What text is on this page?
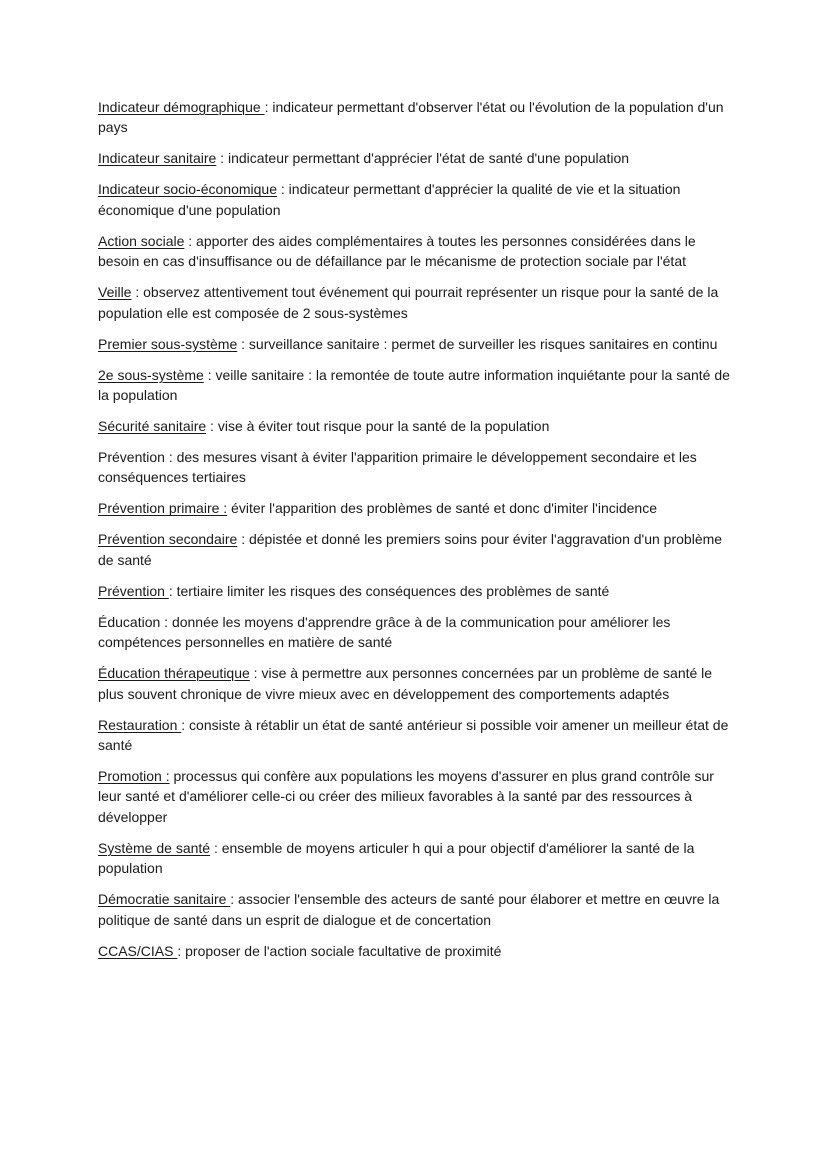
Indicateur démographique : indicateur permettant d'observer l'état ou l'évolution de la population d'un pays
Indicateur sanitaire : indicateur permettant d'apprécier l'état de santé d'une population
Indicateur socio-économique : indicateur permettant d'apprécier la qualité de vie et la situation économique d'une population
Action sociale : apporter des aides complémentaires à toutes les personnes considérées dans le besoin en cas d'insuffisance ou de défaillance par le mécanisme de protection sociale par l'état
Veille : observez attentivement tout événement qui pourrait représenter un risque pour la santé de la population elle est composée de 2 sous-systèmes
Premier sous-système : surveillance sanitaire : permet de surveiller les risques sanitaires en continu
2e sous-système : veille sanitaire : la remontée de toute autre information inquiétante pour la santé de la population
Sécurité sanitaire : vise à éviter tout risque pour la santé de la population
Prévention : des mesures visant à éviter l'apparition primaire le développement secondaire et les conséquences tertiaires
Prévention primaire : éviter l'apparition des problèmes de santé et donc d'imiter l'incidence
Prévention secondaire : dépistée et donné les premiers soins pour éviter l'aggravation d'un problème de santé
Prévention : tertiaire limiter les risques des conséquences des problèmes de santé
Éducation : donnée les moyens d'apprendre grâce à de la communication pour améliorer les compétences personnelles en matière de santé
Éducation thérapeutique : vise à permettre aux personnes concernées par un problème de santé le plus souvent chronique de vivre mieux avec en développement des comportements adaptés
Restauration : consiste à rétablir un état de santé antérieur si possible voir amener un meilleur état de santé
Promotion : processus qui confère aux populations les moyens d'assurer en plus grand contrôle sur leur santé et d'améliorer celle-ci ou créer des milieux favorables à la santé par des ressources à développer
Système de santé : ensemble de moyens articuler h qui a pour objectif d'améliorer la santé de la population
Démocratie sanitaire : associer l'ensemble des acteurs de santé pour élaborer et mettre en œuvre la politique de santé dans un esprit de dialogue et de concertation
CCAS/CIAS : proposer de l'action sociale facultative de proximité
